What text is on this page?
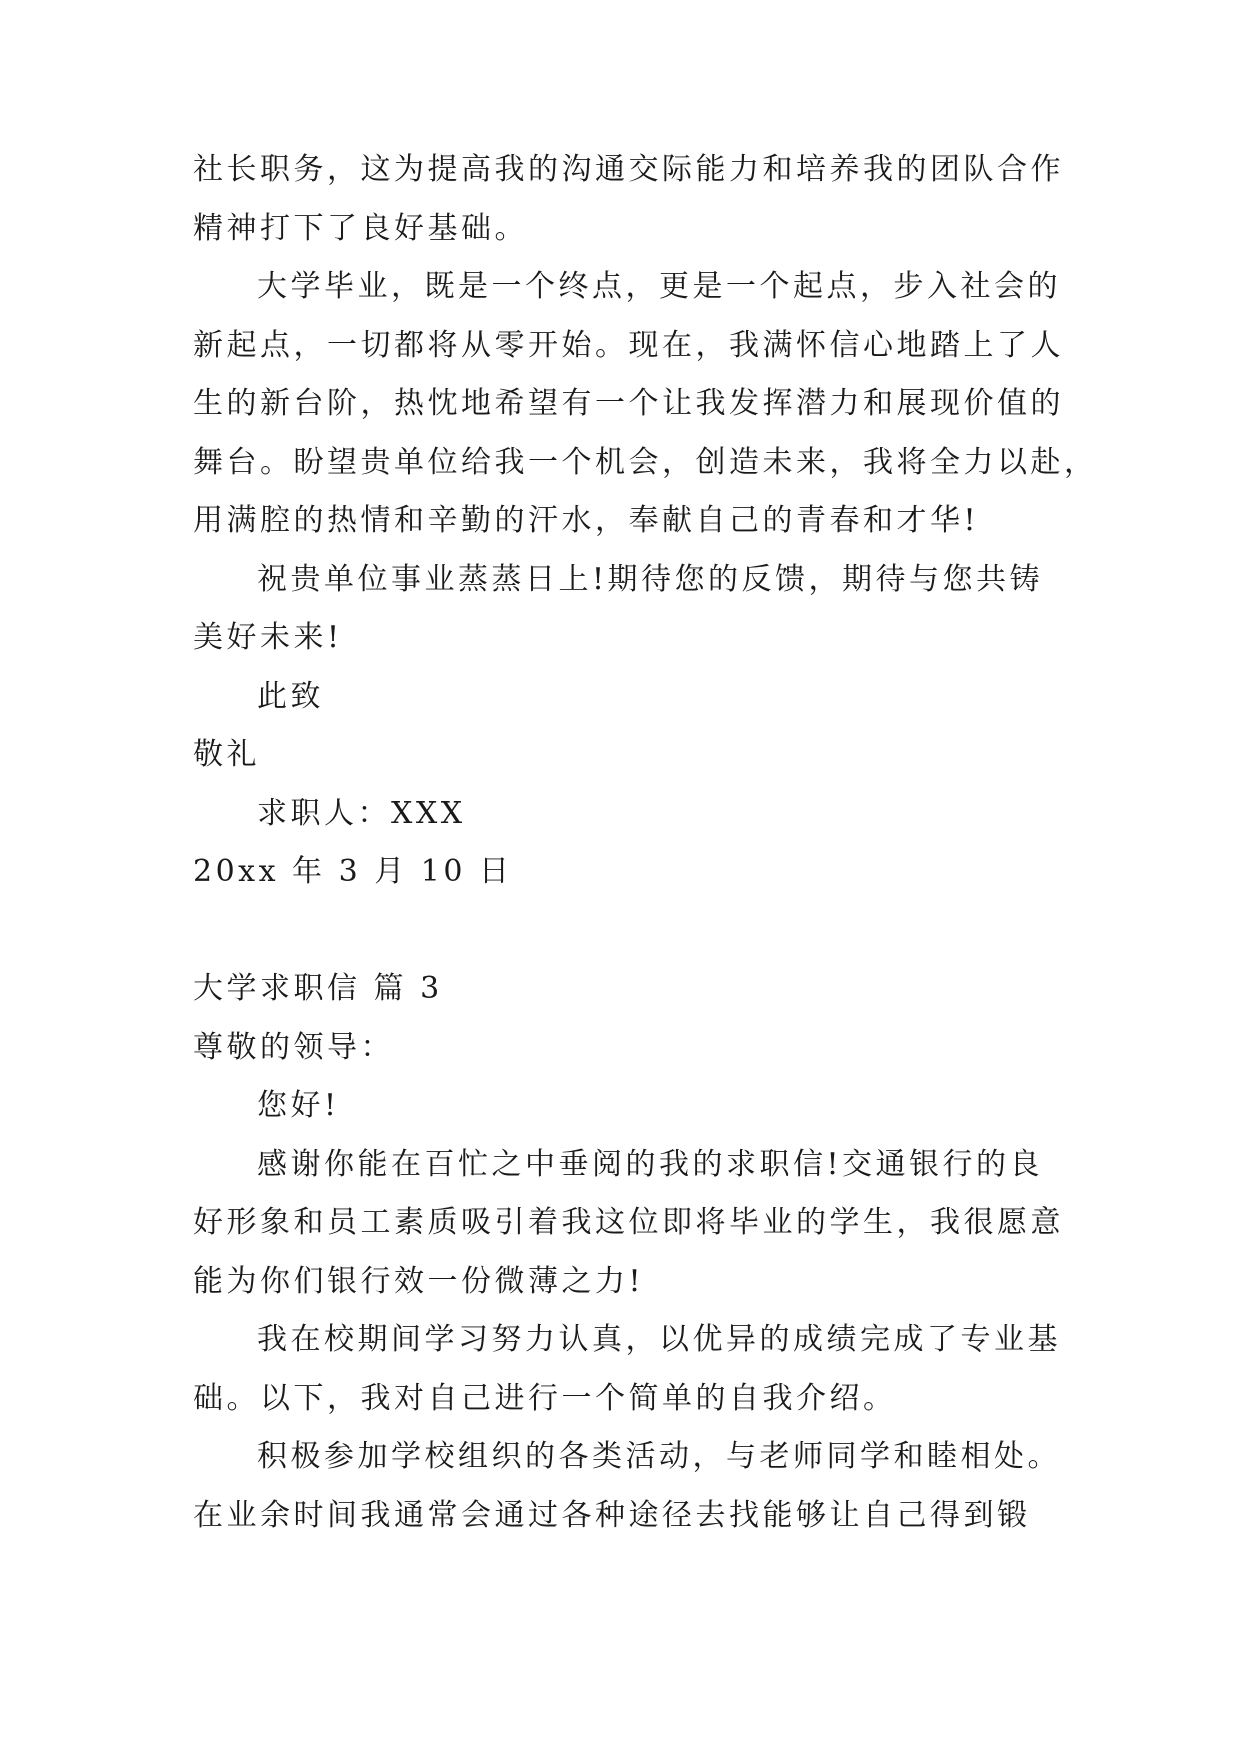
社长职务，这为提高我的沟通交际能力和培养我的团队合作
精神打下了良好基础。
大学毕业，既是一个终点，更是一个起点，步入社会的
新起点，一切都将从零开始。现在，我满怀信心地踏上了人
生的新台阶，热忱地希望有一个让我发挥潜力和展现价值的
舞台。盼望贵单位给我一个机会，创造未来，我将全力以赴，
用满腔的热情和辛勤的汗水，奉献自己的青春和才华!
祝贵单位事业蒸蒸日上!期待您的反馈，期待与您共铸
美好未来!
此致
敬礼
求职人：XXX
20xx 年 3 月 10 日
大学求职信 篇 3
尊敬的领导：
您好!
感谢你能在百忙之中垂阅的我的求职信!交通银行的良
好形象和员工素质吸引着我这位即将毕业的学生，我很愿意
能为你们银行效一份微薄之力!
我在校期间学习努力认真，以优异的成绩完成了专业基
础。以下，我对自己进行一个简单的自我介绍。
积极参加学校组织的各类活动，与老师同学和睦相处。
在业余时间我通常会通过各种途径去找能够让自己得到锻
